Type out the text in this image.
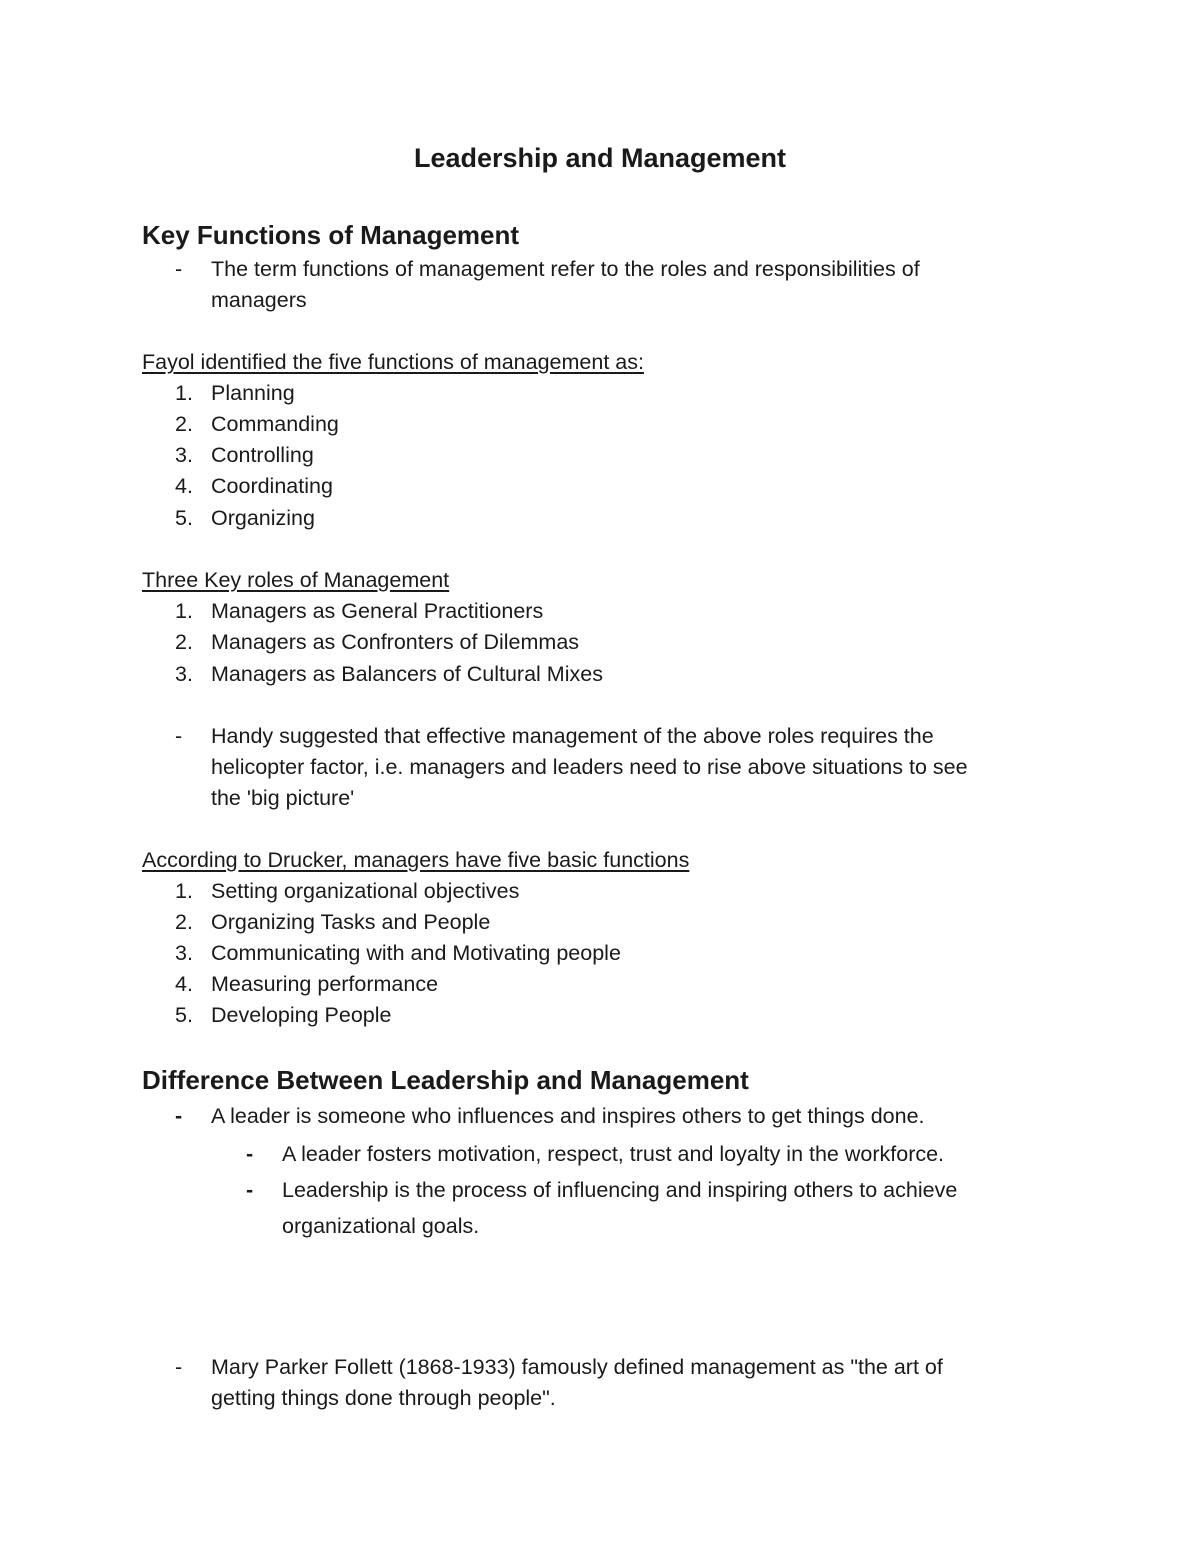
Leadership and Management
Key Functions of Management
- The term functions of management refer to the roles and responsibilities of
managers
Fayol identified the five functions of management as:
1. Planning
2. Commanding
3. Controlling
4. Coordinating
5. Organizing
Three Key roles of Management
1. Managers as General Practitioners
2. Managers as Confronters of Dilemmas
3. Managers as Balancers of Cultural Mixes
- Handy suggested that effective management of the above roles requires the
helicopter factor, i.e. managers and leaders need to rise above situations to see
the 'big picture'
According to Drucker, managers have five basic functions
1. Setting organizational objectives
2. Organizing Tasks and People
3. Communicating with and Motivating people
4. Measuring performance
5. Developing People
Difference Between Leadership and Management
- A leader is someone who influences and inspires others to get things done.
- A leader fosters motivation, respect, trust and loyalty in the workforce.
- Leadership is the process of influencing and inspiring others to achieve
organizational goals.
- Mary Parker Follett (1868-1933) famously defined management as "the art of
getting things done through people".
